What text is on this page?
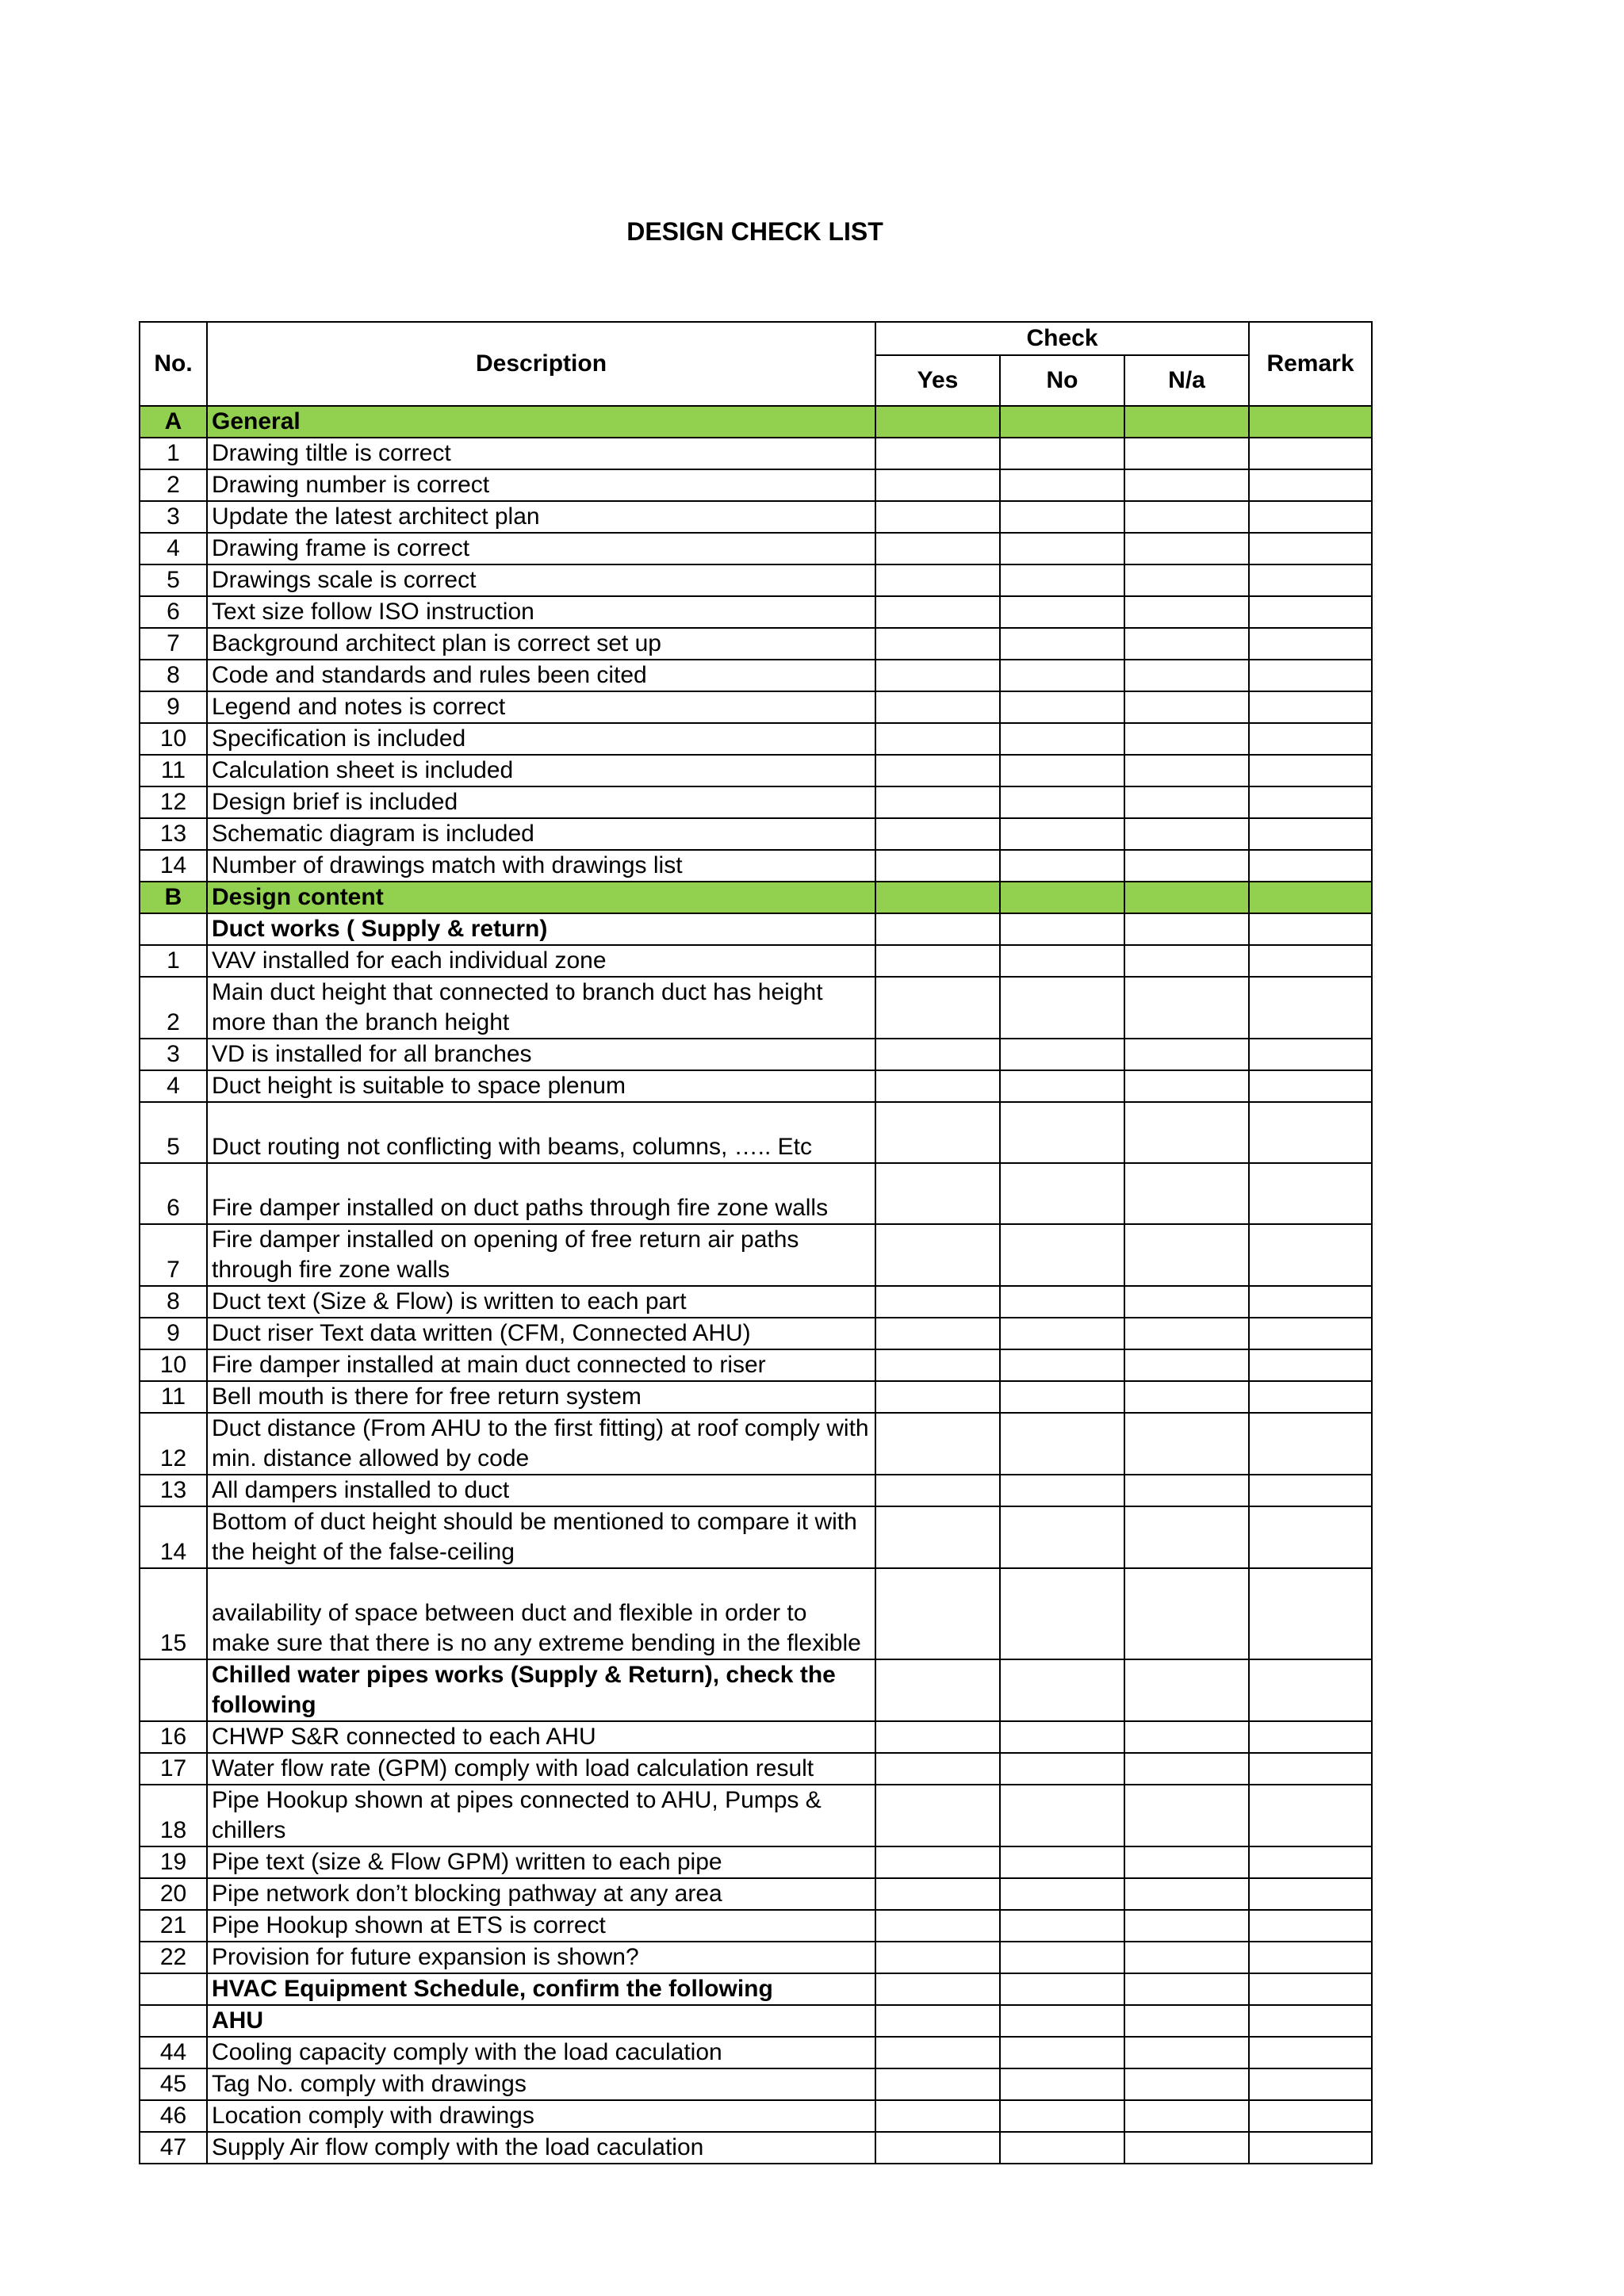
DESIGN CHECK LIST
No.	Description	Check			Remark
		Yes	No	N/a	
A	General				
1	Drawing tiltle is correct				
2	Drawing number is correct				
3	Update the latest architect plan				
4	Drawing frame is correct				
5	Drawings scale is correct				
6	Text size follow ISO instruction				
7	Background architect plan is correct set up				
8	Code and standards and rules been cited				
9	Legend and notes is correct				
10	Specification is included				
11	Calculation sheet is included				
12	Design brief is included				
13	Schematic diagram is included				
14	Number of drawings match with drawings list				
B	Design content				
	Duct works ( Supply & return)				
1	VAV installed for each individual zone				
2	Main duct height that connected to branch duct has height more than the branch height				
3	VD is installed for all branches				
4	Duct height is suitable to space plenum				
5	Duct routing not conflicting with beams, columns, ….. Etc				
6	Fire damper installed on duct paths through fire zone walls				
7	Fire damper installed on opening of free return air paths through fire zone walls				
8	Duct text (Size & Flow) is written to each part				
9	Duct riser Text data written (CFM, Connected AHU)				
10	Fire damper installed at main duct connected to riser				
11	Bell mouth is there for free return system				
12	Duct distance (From AHU to the first fitting) at roof comply with min. distance allowed by code				
13	All dampers installed to duct				
14	Bottom of duct height should be mentioned to compare it with the height of the false-ceiling				
15	availability of space between duct and flexible in order to make sure that there is no any extreme bending in the flexible				
	Chilled water pipes works (Supply & Return), check the following				
16	CHWP S&R connected to each AHU				
17	Water flow rate (GPM) comply with load calculation result				
18	Pipe Hookup shown at pipes connected to AHU, Pumps & chillers				
19	Pipe text (size & Flow GPM) written to each pipe				
20	Pipe network don’t blocking pathway at any area				
21	Pipe Hookup shown at ETS is correct				
22	Provision for future expansion is shown?				
	HVAC Equipment Schedule, confirm the following				
	AHU				
44	Cooling capacity comply with the load caculation				
45	Tag No. comply with drawings				
46	Location comply with drawings				
47	Supply Air flow comply with the load caculation				
